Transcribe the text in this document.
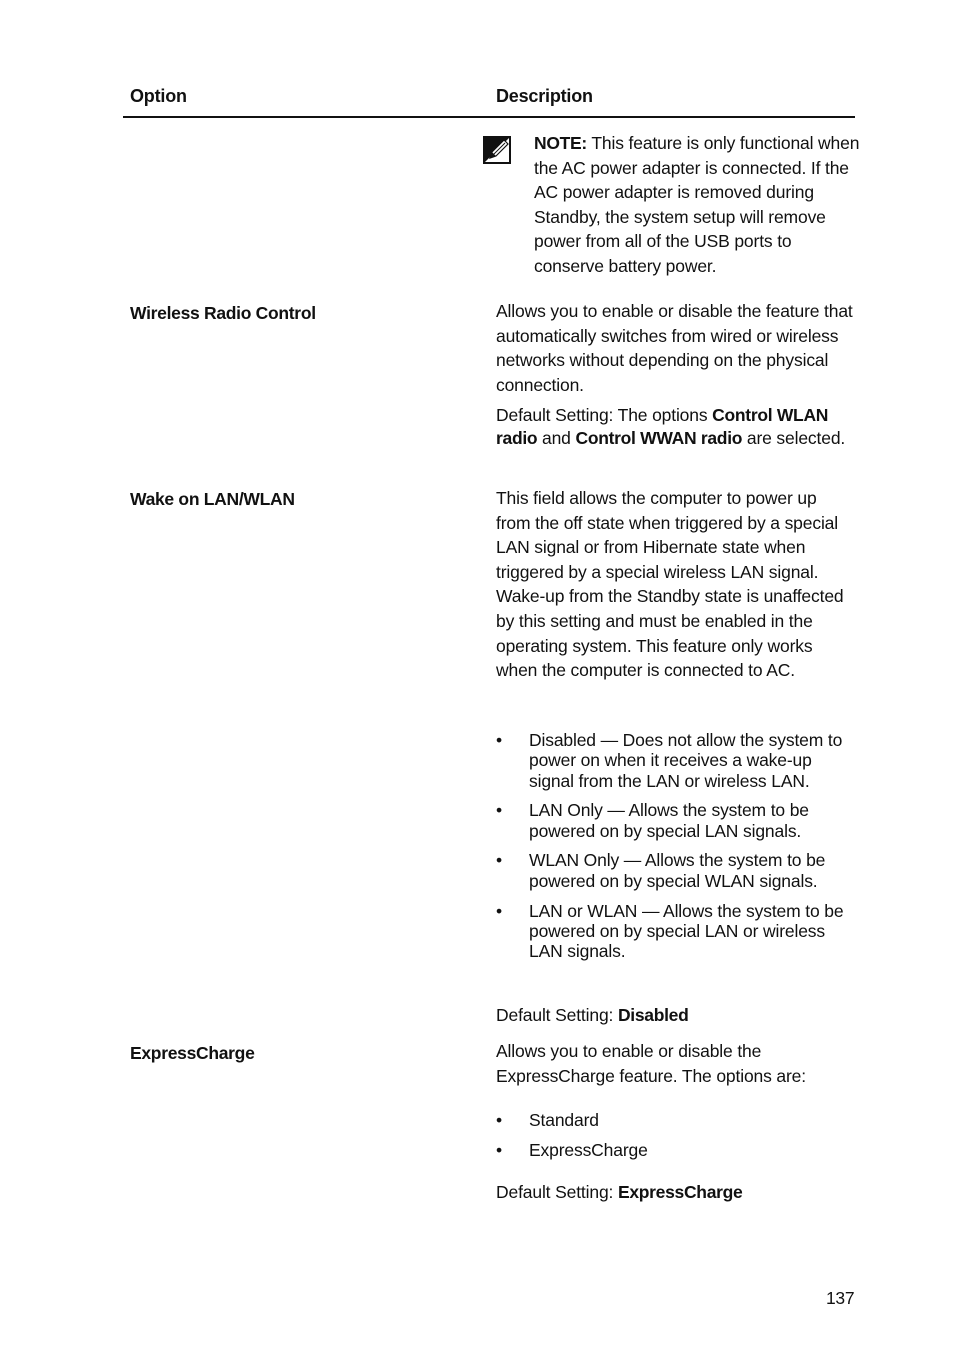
Option	Description

NOTE: This feature is only functional when the AC power adapter is connected. If the AC power adapter is removed during Standby, the system setup will remove power from all of the USB ports to conserve battery power.

Wireless Radio Control	Allows you to enable or disable the feature that automatically switches from wired or wireless networks without depending on the physical connection.

Default Setting: The options Control WLAN radio and Control WWAN radio are selected.

Wake on LAN/WLAN	This field allows the computer to power up from the off state when triggered by a special LAN signal or from Hibernate state when triggered by a special wireless LAN signal. Wake-up from the Standby state is unaffected by this setting and must be enabled in the operating system. This feature only works when the computer is connected to AC.

• Disabled — Does not allow the system to power on when it receives a wake-up signal from the LAN or wireless LAN.
• LAN Only — Allows the system to be powered on by special LAN signals.
• WLAN Only — Allows the system to be powered on by special WLAN signals.
• LAN or WLAN — Allows the system to be powered on by special LAN or wireless LAN signals.

Default Setting: Disabled

ExpressCharge	Allows you to enable or disable the ExpressCharge feature. The options are:

• Standard
• ExpressCharge

Default Setting: ExpressCharge

137
